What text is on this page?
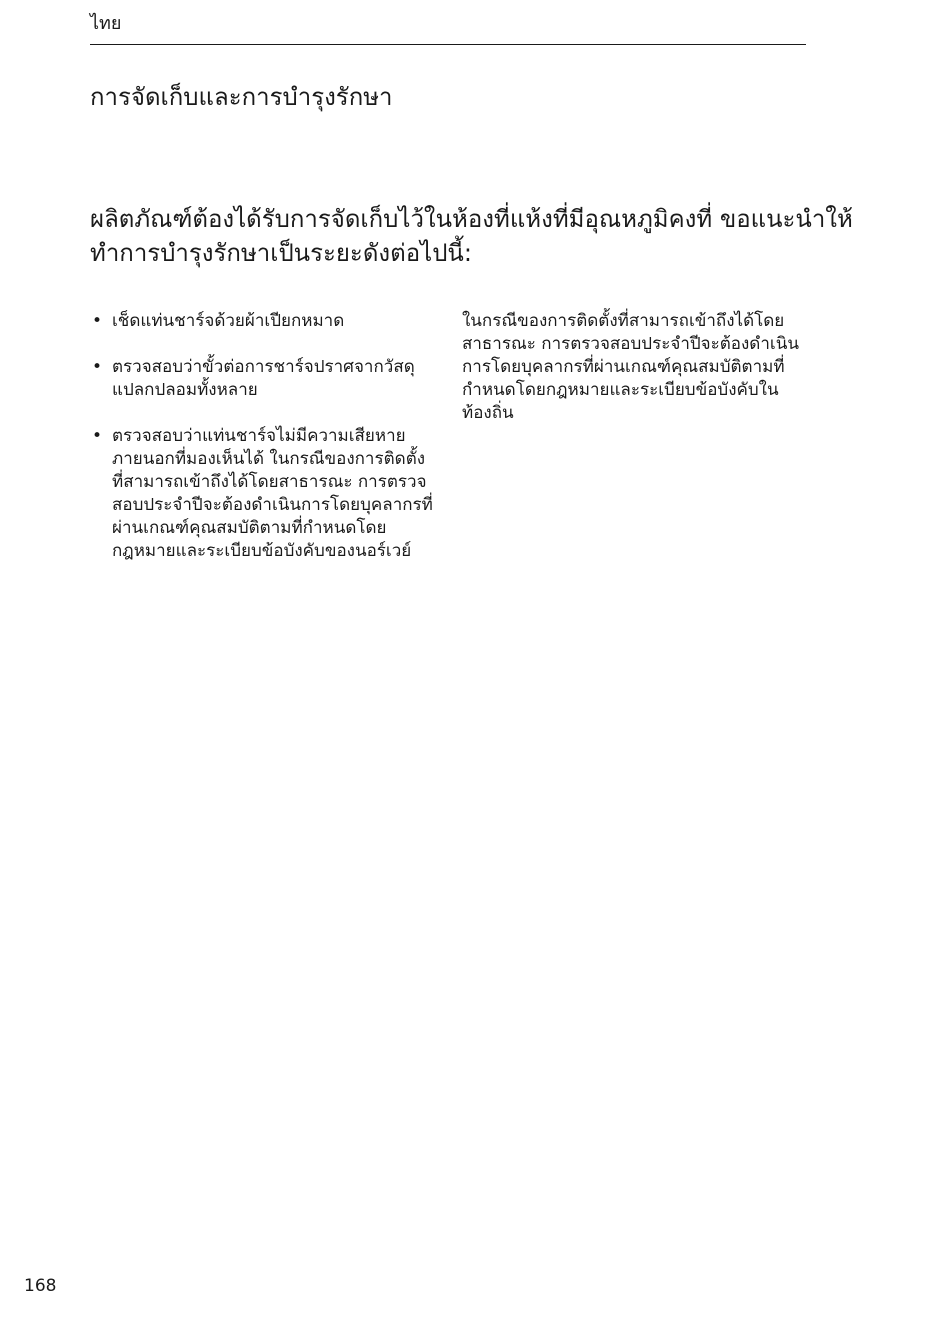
ไทย
การจัดเก็บและการบำรุงรักษา

ผลิตภัณฑ์ต้องได้รับการจัดเก็บไว้ในห้องที่แห้งที่มีอุณหภูมิคงที่ ขอแนะนำให้ทำการบำรุงรักษาเป็นระยะดังต่อไปนี้:

• เช็ดแท่นชาร์จด้วยผ้าเปียกหมาด
• ตรวจสอบว่าขั้วต่อการชาร์จปราศจากวัสดุแปลกปลอมทั้งหลาย
• ตรวจสอบว่าแท่นชาร์จไม่มีความเสียหายภายนอกที่มองเห็นได้ ในกรณีของการติดตั้งที่สามารถเข้าถึงได้โดยสาธารณะ การตรวจสอบประจำปีจะต้องดำเนินการโดยบุคลากรที่ผ่านเกณฑ์คุณสมบัติตามที่กำหนดโดยกฎหมายและระเบียบข้อบังคับของนอร์เวย์

ในกรณีของการติดตั้งที่สามารถเข้าถึงได้โดยสาธารณะ การตรวจสอบประจำปีจะต้องดำเนินการโดยบุคลากรที่ผ่านเกณฑ์คุณสมบัติตามที่กำหนดโดยกฎหมายและระเบียบข้อบังคับในท้องถิ่น

168
